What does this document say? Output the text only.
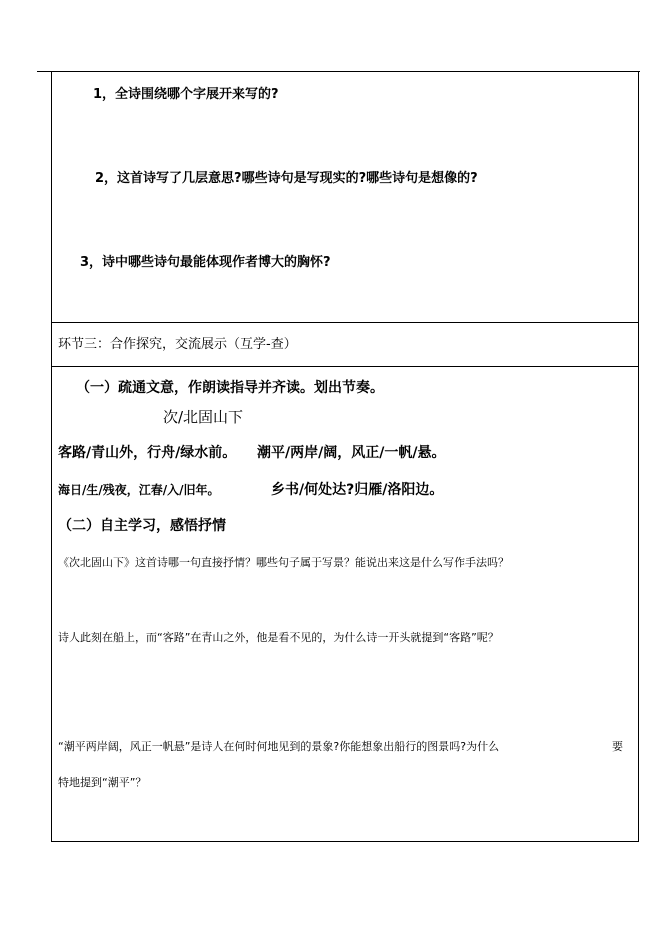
1，全诗围绕哪个字展开来写的?
2，这首诗写了几层意思?哪些诗句是写现实的?哪些诗句是想像的?
3，诗中哪些诗句最能体现作者博大的胸怀?
环节三：合作探究，交流展示（互学-查）
（一）疏通文意，作朗读指导并齐读。划出节奏。
次/北固山下
客路/青山外，行舟/绿水前。 潮平/两岸/阔，风正/一帆/悬。
海日/生/残夜，江春/入/旧年。	乡书/何处达?归雁/洛阳边。
（二）自主学习，感悟抒情
《次北固山下》这首诗哪一句直接抒情？哪些句子属于写景？能说出来这是什么写作手法吗？
诗人此刻在船上，而“客路”在青山之外，他是看不见的，为什么诗一开头就提到“客路”呢？
“潮平两岸阔，风正一帆悬”是诗人在何时何地见到的景象?你能想象出船行的图景吗?为什么	要
特地提到“潮平”？
